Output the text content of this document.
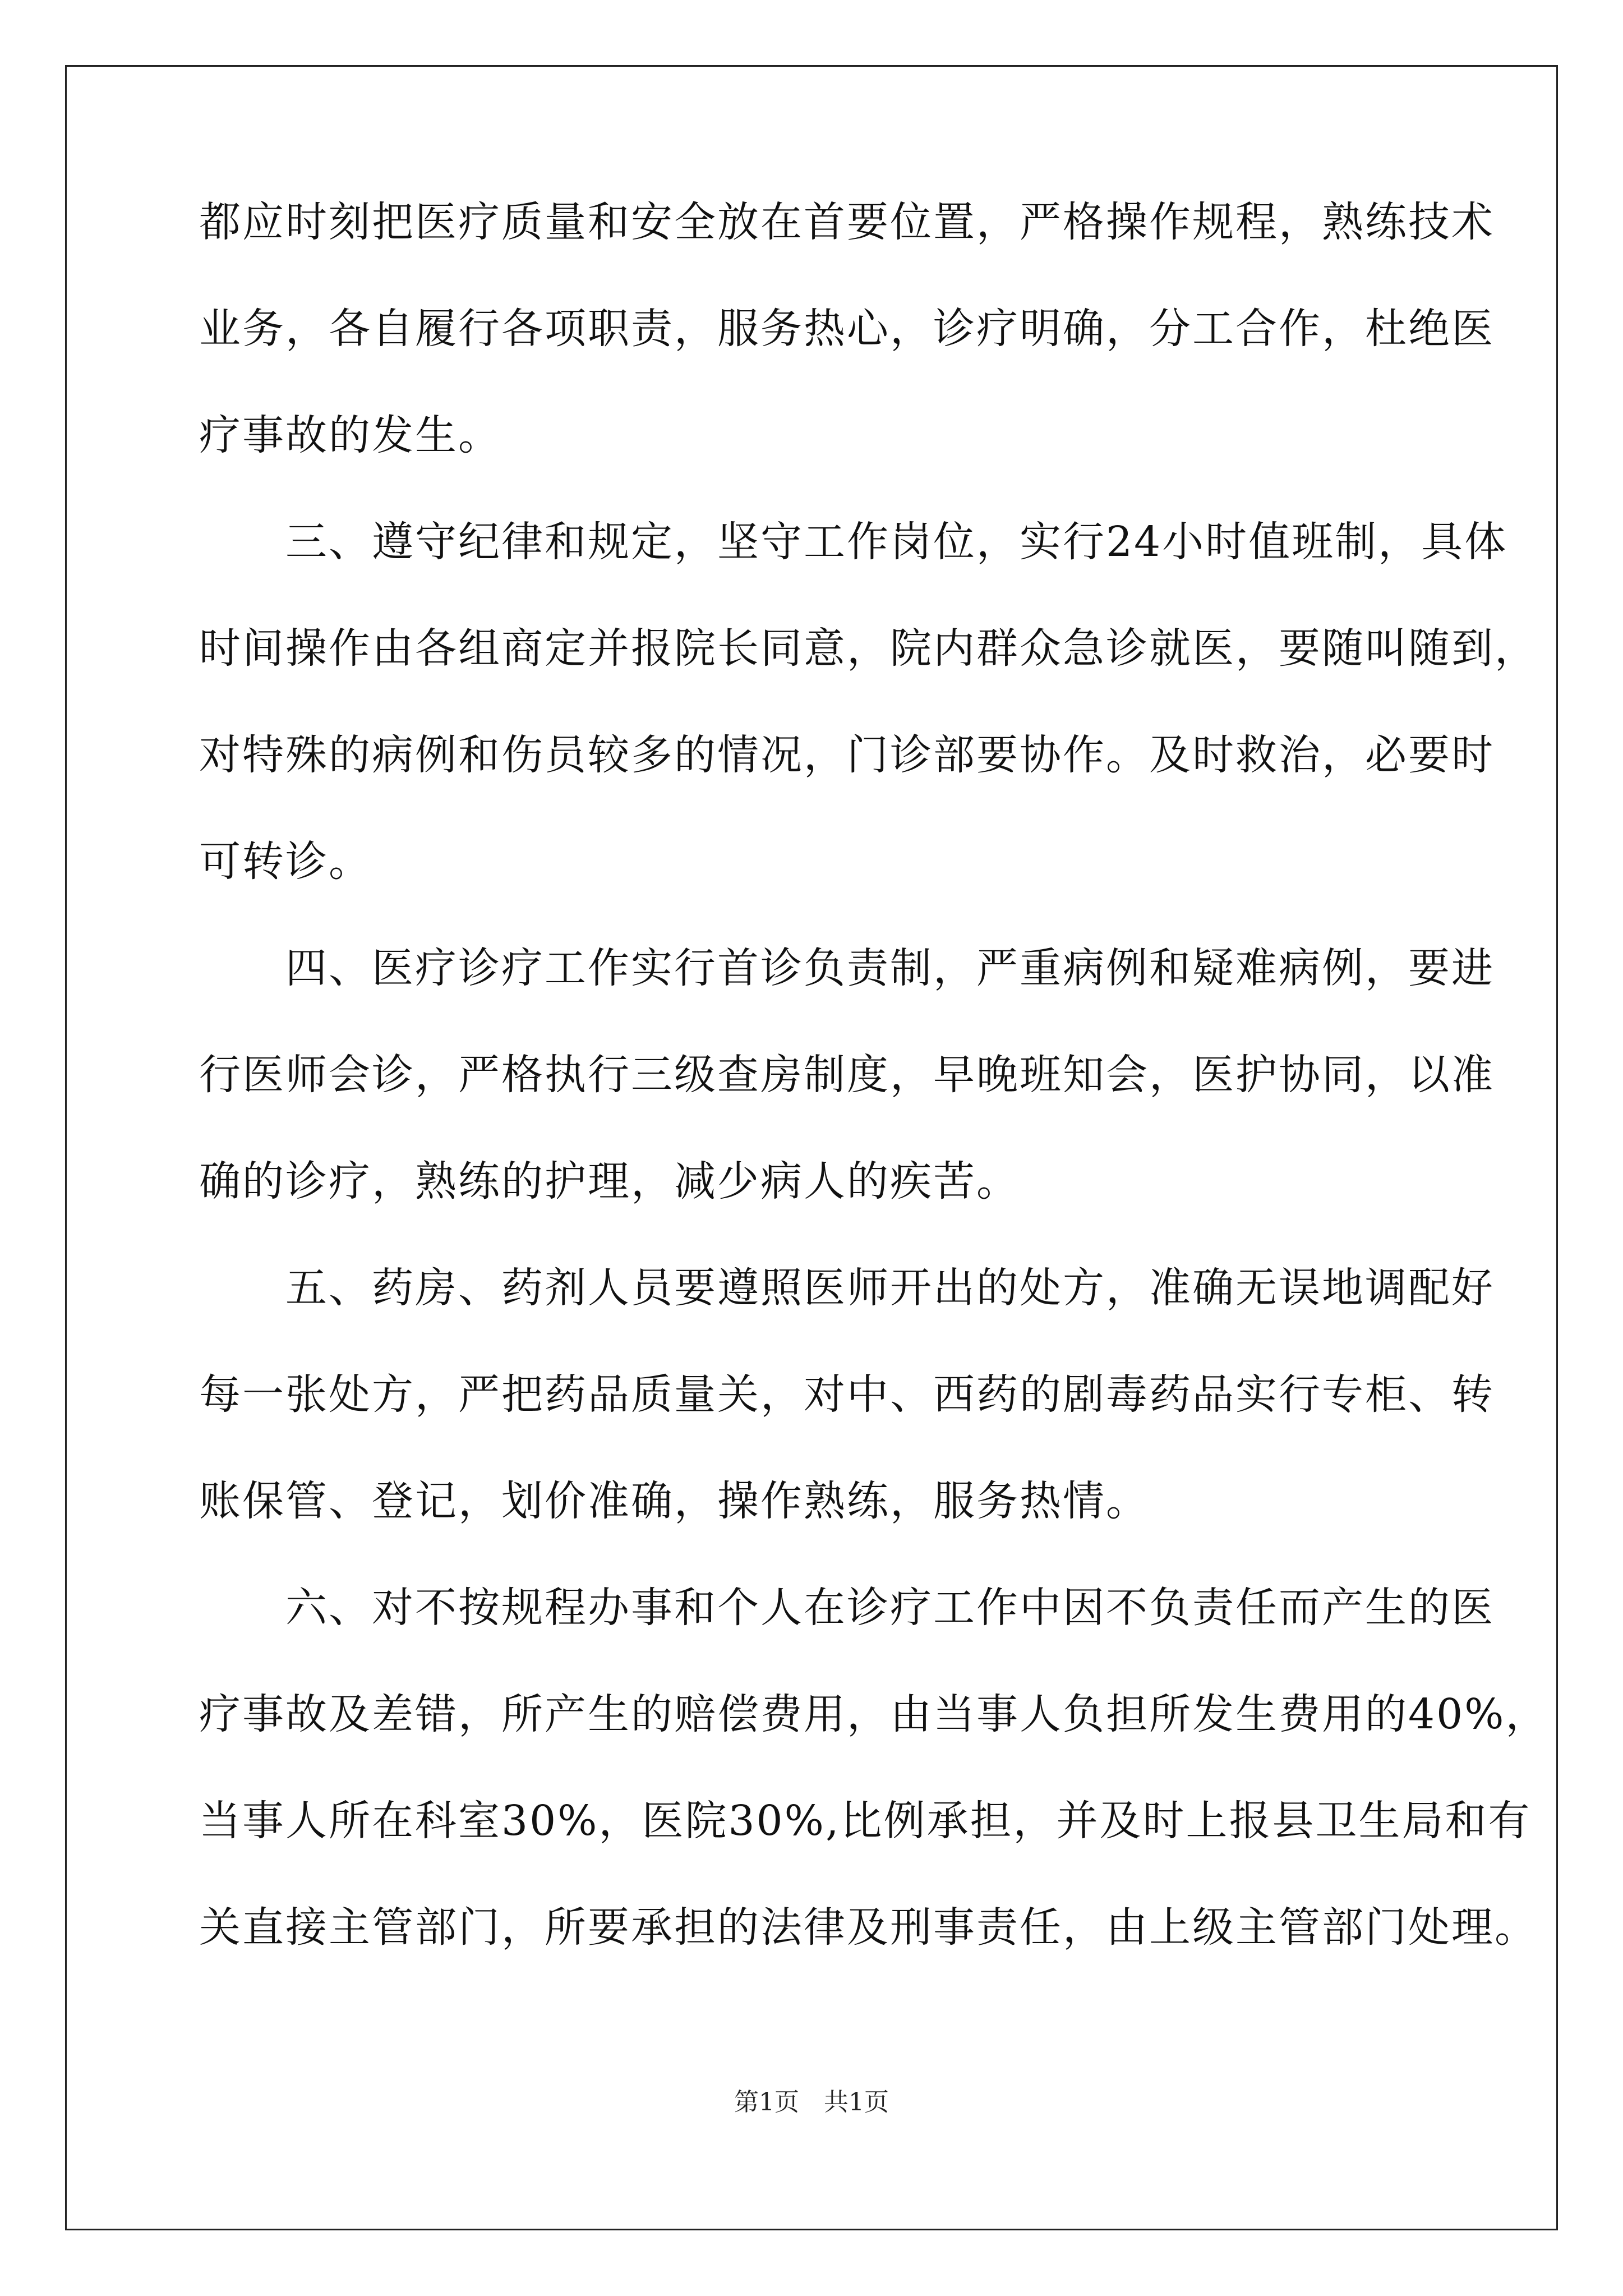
都应时刻把医疗质量和安全放在首要位置，严格操作规程，熟练技术
业务，各自履行各项职责，服务热心，诊疗明确，分工合作，杜绝医
疗事故的发生。
　　三、遵守纪律和规定，坚守工作岗位，实行24小时值班制，具体
时间操作由各组商定并报院长同意，院内群众急诊就医，要随叫随到，
对特殊的病例和伤员较多的情况，门诊部要协作。及时救治，必要时
可转诊。
　　四、医疗诊疗工作实行首诊负责制，严重病例和疑难病例，要进
行医师会诊，严格执行三级查房制度，早晚班知会，医护协同，以准
确的诊疗，熟练的护理，减少病人的疾苦。
　　五、药房、药剂人员要遵照医师开出的处方，准确无误地调配好
每一张处方，严把药品质量关，对中、西药的剧毒药品实行专柜、转
账保管、登记，划价准确，操作熟练，服务热情。
　　六、对不按规程办事和个人在诊疗工作中因不负责任而产生的医
疗事故及差错，所产生的赔偿费用，由当事人负担所发生费用的40%，
当事人所在科室30%，医院30%,比例承担，并及时上报县卫生局和有
关直接主管部门，所要承担的法律及刑事责任，由上级主管部门处理。
第1页　共1页
